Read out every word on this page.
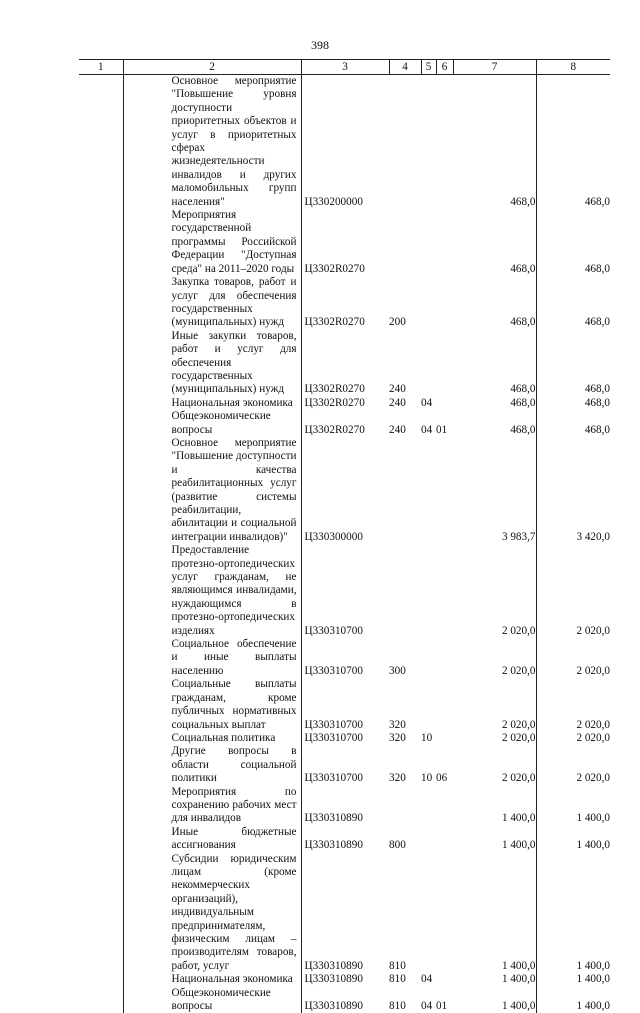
398
1	2	3	4	5	6	7	8
	Основное мероприятие "Повышение уровня доступности приоритетных объектов и услуг в приоритетных сферах жизнедеятельности инвалидов и других маломобильных групп населения"	Ц330200000				468,0	468,0
	Мероприятия государственной программы Российской Федерации "Доступная среда" на 2011–2020 годы	Ц3302R0270				468,0	468,0
	Закупка товаров, работ и услуг для обеспечения государственных (муниципальных) нужд	Ц3302R0270	200			468,0	468,0
	Иные закупки товаров, работ и услуг для обеспечения государственных (муниципальных) нужд	Ц3302R0270	240			468,0	468,0
	Национальная экономика	Ц3302R0270	240	04		468,0	468,0
	Общеэкономические вопросы	Ц3302R0270	240	04	01	468,0	468,0
	Основное мероприятие "Повышение доступности и качества реабилитационных услуг (развитие системы реабилитации, абилитации и социальной интеграции инвалидов)"	Ц330300000				3 983,7	3 420,0
	Предоставление протезно-ортопедических услуг гражданам, не являющимся инвалидами, нуждающимся в протезно-ортопедических изделиях	Ц330310700				2 020,0	2 020,0
	Социальное обеспечение и иные выплаты населению	Ц330310700	300			2 020,0	2 020,0
	Социальные выплаты гражданам, кроме публичных нормативных социальных выплат	Ц330310700	320			2 020,0	2 020,0
	Социальная политика	Ц330310700	320	10		2 020,0	2 020,0
	Другие вопросы в области социальной политики	Ц330310700	320	10	06	2 020,0	2 020,0
	Мероприятия по сохранению рабочих мест для инвалидов	Ц330310890				1 400,0	1 400,0
	Иные бюджетные ассигнования	Ц330310890	800			1 400,0	1 400,0
	Субсидии юридическим лицам (кроме некоммерческих организаций), индивидуальным предпринимателям, физическим лицам – производителям товаров, работ, услуг	Ц330310890	810			1 400,0	1 400,0
	Национальная экономика	Ц330310890	810	04		1 400,0	1 400,0
	Общеэкономические вопросы	Ц330310890	810	04	01	1 400,0	1 400,0
